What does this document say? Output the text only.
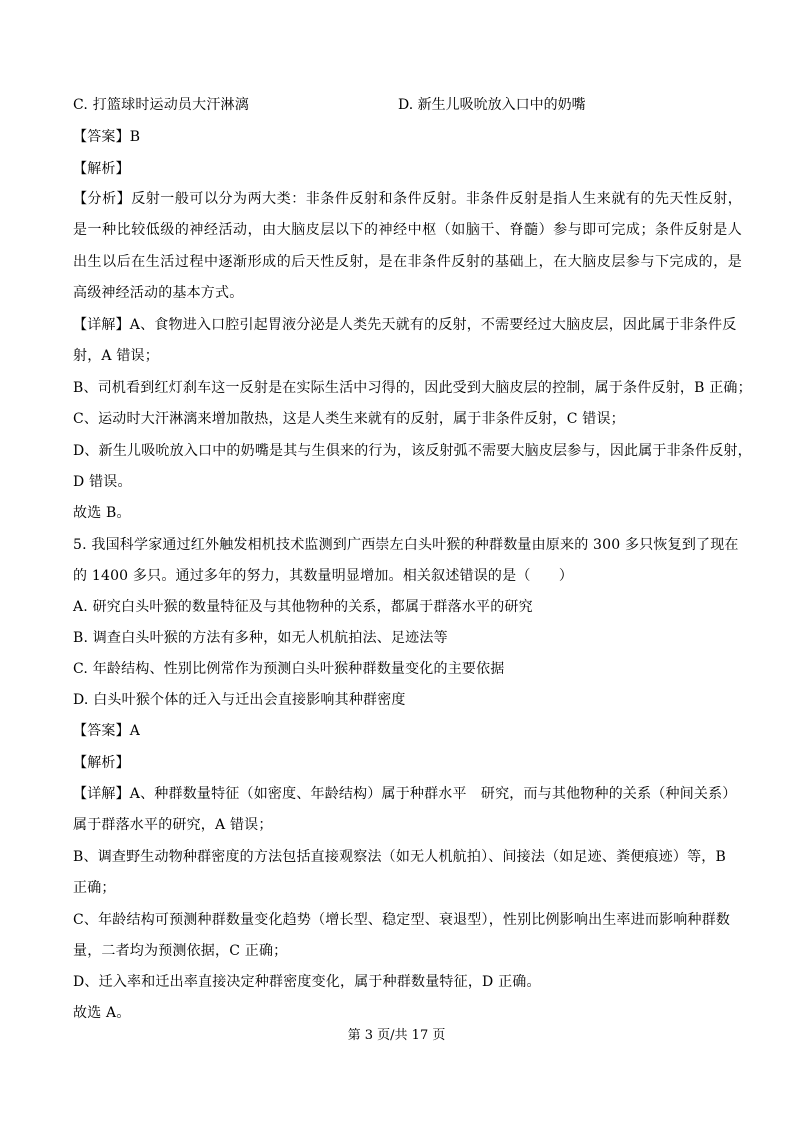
C. 打篮球时运动员大汗淋漓	D. 新生儿吸吮放入口中的奶嘴
【答案】B
【解析】
【分析】反射一般可以分为两大类：非条件反射和条件反射。非条件反射是指人生来就有的先天性反射，
是一种比较低级的神经活动，由大脑皮层以下的神经中枢（如脑干、脊髓）参与即可完成；条件反射是人
出生以后在生活过程中逐渐形成的后天性反射，是在非条件反射的基础上，在大脑皮层参与下完成的，是
高级神经活动的基本方式。
【详解】A、食物进入口腔引起胃液分泌是人类先天就有的反射，不需要经过大脑皮层，因此属于非条件反
射，A 错误；
B、司机看到红灯刹车这一反射是在实际生活中习得的，因此受到大脑皮层的控制，属于条件反射，B 正确；
C、运动时大汗淋漓来增加散热，这是人类生来就有的反射，属于非条件反射，C 错误；
D、新生儿吸吮放入口中的奶嘴是其与生俱来的行为，该反射弧不需要大脑皮层参与，因此属于非条件反射，
D 错误。
故选 B。
5. 我国科学家通过红外触发相机技术监测到广西崇左白头叶猴的种群数量由原来的 300 多只恢复到了现在
的 1400 多只。通过多年的努力，其数量明显增加。相关叙述错误的是（　　）
A. 研究白头叶猴的数量特征及与其他物种的关系，都属于群落水平的研究
B. 调查白头叶猴的方法有多种，如无人机航拍法、足迹法等
C. 年龄结构、性别比例常作为预测白头叶猴种群数量变化的主要依据
D. 白头叶猴个体的迁入与迁出会直接影响其种群密度
【答案】A
【解析】
【详解】A、种群数量特征（如密度、年龄结构）属于种群水平　研究，而与其他物种的关系（种间关系）
属于群落水平的研究，A 错误；
B、调查野生动物种群密度的方法包括直接观察法（如无人机航拍）、间接法（如足迹、粪便痕迹）等，B
正确；
C、年龄结构可预测种群数量变化趋势（增长型、稳定型、衰退型），性别比例影响出生率进而影响种群数
量，二者均为预测依据，C 正确；
D、迁入率和迁出率直接决定种群密度变化，属于种群数量特征，D 正确。
故选 A。
第 3 页/共 17 页
